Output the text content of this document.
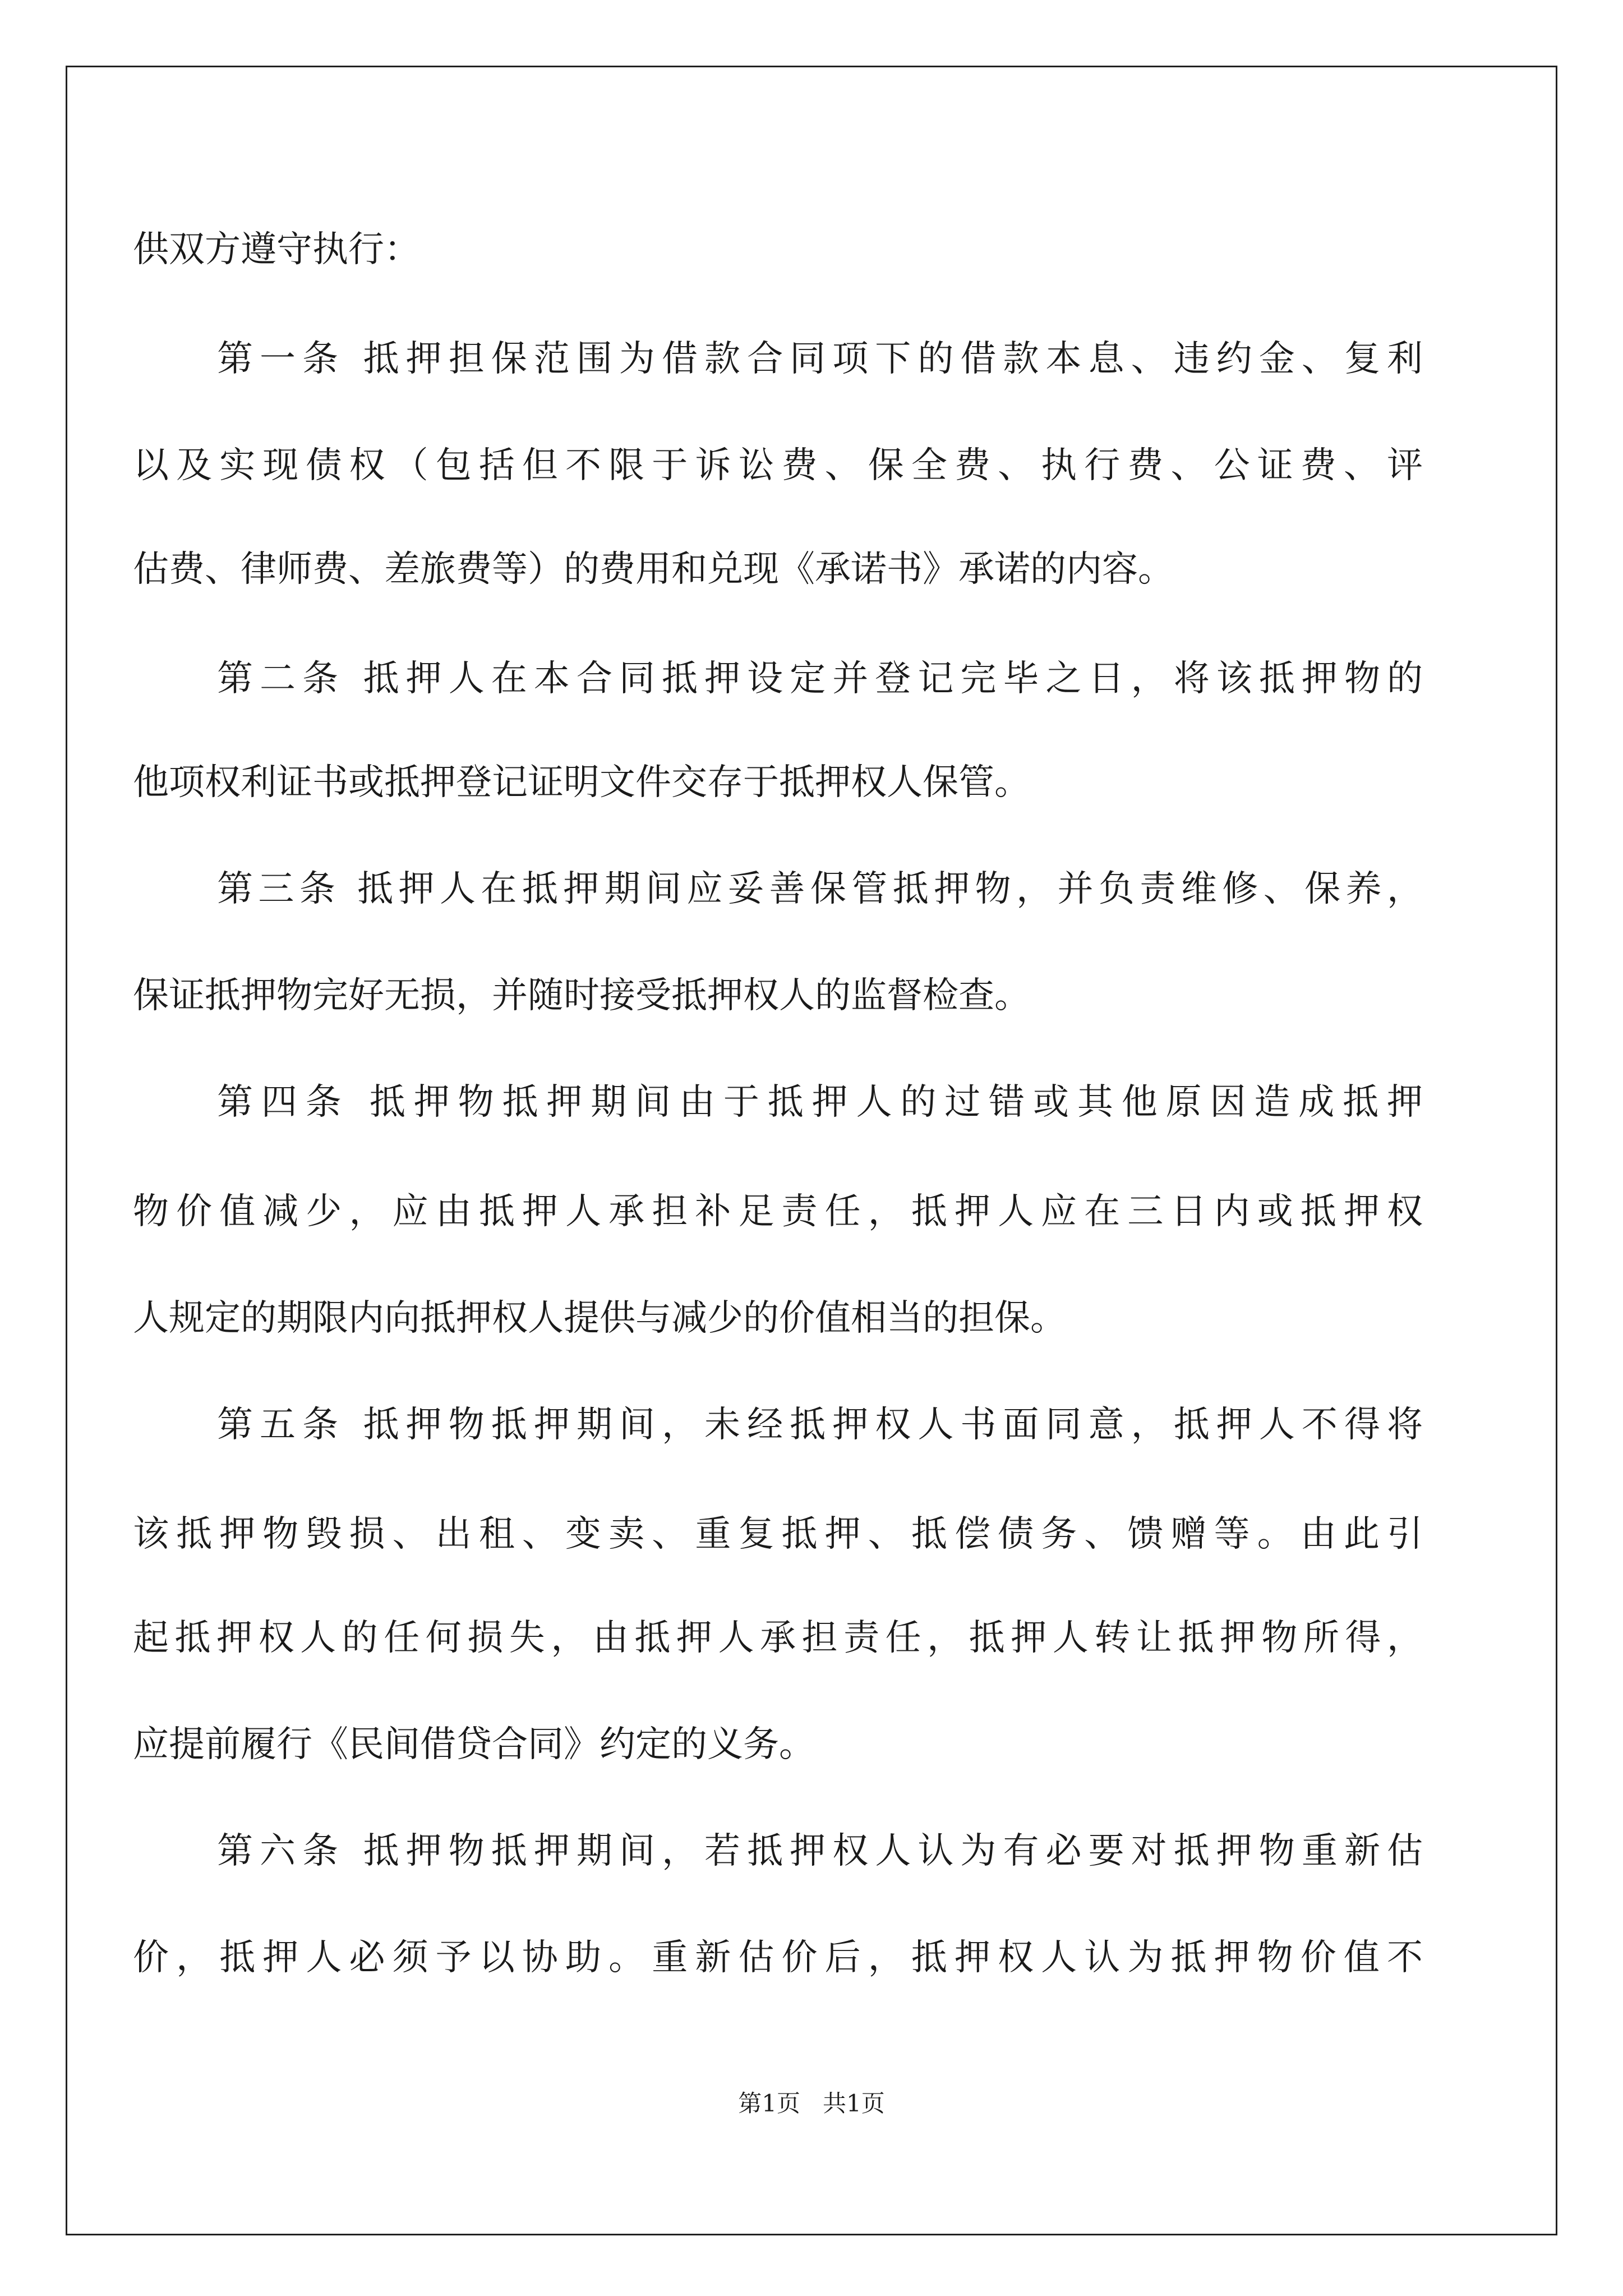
供双方遵守执行：
第一条 抵押担保范围为借款合同项下的借款本息、违约金、复利
以及实现债权（包括但不限于诉讼费、保全费、执行费、公证费、评
估费、律师费、差旅费等）的费用和兑现《承诺书》承诺的内容。
第二条 抵押人在本合同抵押设定并登记完毕之日，将该抵押物的
他项权利证书或抵押登记证明文件交存于抵押权人保管。
第三条 抵押人在抵押期间应妥善保管抵押物，并负责维修、保养，
保证抵押物完好无损，并随时接受抵押权人的监督检查。
第四条 抵押物抵押期间由于抵押人的过错或其他原因造成抵押
物价值减少，应由抵押人承担补足责任，抵押人应在三日内或抵押权
人规定的期限内向抵押权人提供与减少的价值相当的担保。
第五条 抵押物抵押期间，未经抵押权人书面同意，抵押人不得将
该抵押物毁损、出租、变卖、重复抵押、抵偿债务、馈赠等。由此引
起抵押权人的任何损失，由抵押人承担责任，抵押人转让抵押物所得，
应提前履行《民间借贷合同》约定的义务。
第六条 抵押物抵押期间，若抵押权人认为有必要对抵押物重新估
价，抵押人必须予以协助。重新估价后，抵押权人认为抵押物价值不
第1页 共1页
